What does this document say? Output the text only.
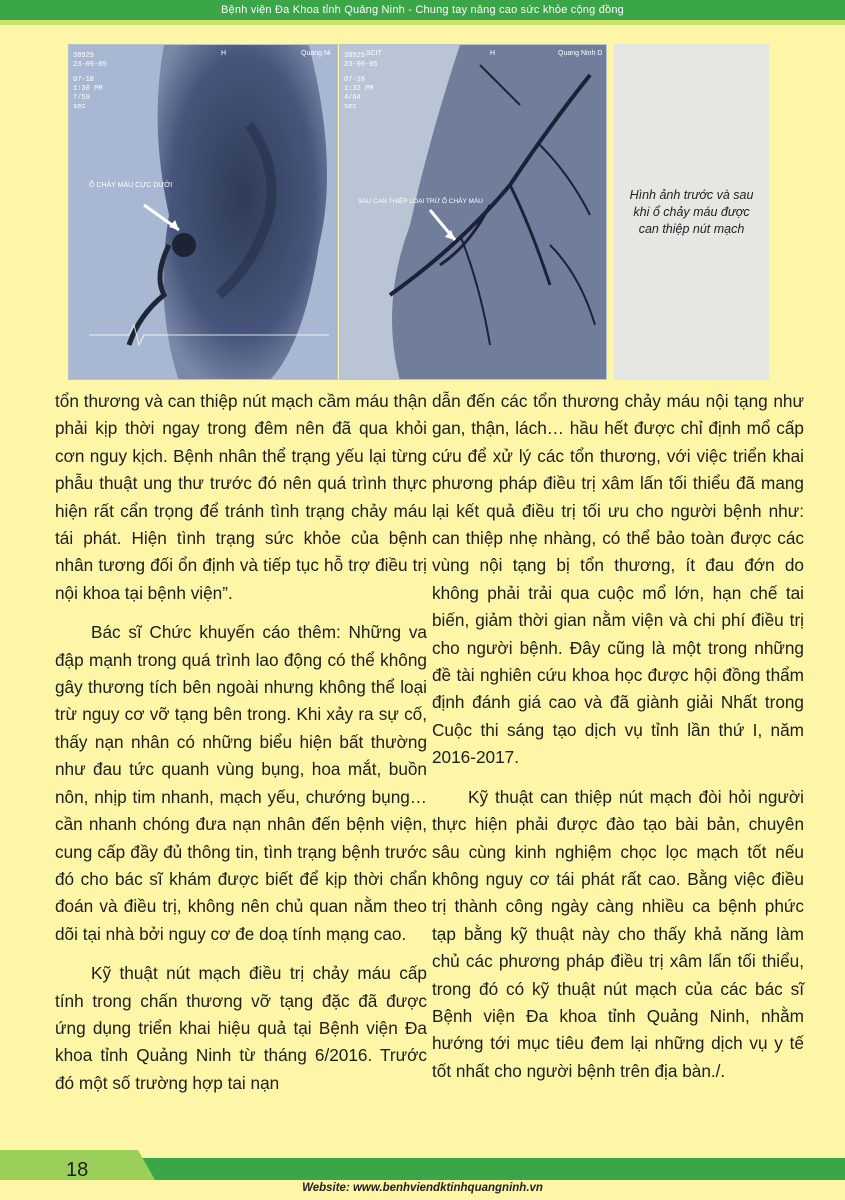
Bệnh viện Đa Khoa tỉnh Quảng Ninh - Chung tay nâng cao sức khỏe cộng đồng
Ổ CHẢY MÁU CỰC DƯỚI
38929
23-09-05
07-18
1:30 PM
7/59
sec
H	Quang Ni
SAU CAN THIỆP LOẠI TRỪ Ổ CHẢY MÁU
38929
23-09-05
07-18
1:32 PM
4/64
sec
SCIT	H	Quang Ninh D

Hình ảnh trước và sau khi ổ chảy máu được can thiệp nút mạch

tổn thương và can thiệp nút mạch cầm máu thận phải kịp thời ngay trong đêm nên đã qua khỏi cơn nguy kịch. Bệnh nhân thể trạng yếu lại từng phẫu thuật ung thư trước đó nên quá trình thực hiện rất cẩn trọng để tránh tình trạng chảy máu tái phát. Hiện tình trạng sức khỏe của bệnh nhân tương đối ổn định và tiếp tục hỗ trợ điều trị nội khoa tại bệnh viện”.

Bác sĩ Chức khuyến cáo thêm: Những va đập mạnh trong quá trình lao động có thể không gây thương tích bên ngoài nhưng không thể loại trừ nguy cơ vỡ tạng bên trong. Khi xảy ra sự cố, thấy nạn nhân có những biểu hiện bất thường như đau tức quanh vùng bụng, hoa mắt, buồn nôn, nhịp tim nhanh, mạch yếu, chướng bụng… cần nhanh chóng đưa nạn nhân đến bệnh viện, cung cấp đầy đủ thông tin, tình trạng bệnh trước đó cho bác sĩ khám được biết để kịp thời chẩn đoán và điều trị, không nên chủ quan nằm theo dõi tại nhà bởi nguy cơ đe doạ tính mạng cao.

Kỹ thuật nút mạch điều trị chảy máu cấp tính trong chấn thương vỡ tạng đặc đã được ứng dụng triển khai hiệu quả tại Bệnh viện Đa khoa tỉnh Quảng Ninh từ tháng 6/2016. Trước đó một số trường hợp tai nạn

dẫn đến các tổn thương chảy máu nội tạng như gan, thận, lách… hầu hết được chỉ định mổ cấp cứu để xử lý các tổn thương, với việc triển khai phương pháp điều trị xâm lấn tối thiểu đã mang lại kết quả điều trị tối ưu cho người bệnh như: can thiệp nhẹ nhàng, có thể bảo toàn được các vùng nội tạng bị tổn thương, ít đau đớn do không phải trải qua cuộc mổ lớn, hạn chế tai biến, giảm thời gian nằm viện và chi phí điều trị cho người bệnh. Đây cũng là một trong những đề tài nghiên cứu khoa học được hội đồng thẩm định đánh giá cao và đã giành giải Nhất trong Cuộc thi sáng tạo dịch vụ tỉnh lần thứ I, năm 2016-2017.

Kỹ thuật can thiệp nút mạch đòi hỏi người thực hiện phải được đào tạo bài bản, chuyên sâu cùng kinh nghiệm chọc lọc mạch tốt nếu không nguy cơ tái phát rất cao. Bằng việc điều trị thành công ngày càng nhiều ca bệnh phức tạp bằng kỹ thuật này cho thấy khả năng làm chủ các phương pháp điều trị xâm lấn tối thiểu, trong đó có kỹ thuật nút mạch của các bác sĩ Bệnh viện Đa khoa tỉnh Quảng Ninh, nhằm hướng tới mục tiêu đem lại những dịch vụ y tế tốt nhất cho người bệnh trên địa bàn./.

18
Website: www.benhviendktinhquangninh.vn
